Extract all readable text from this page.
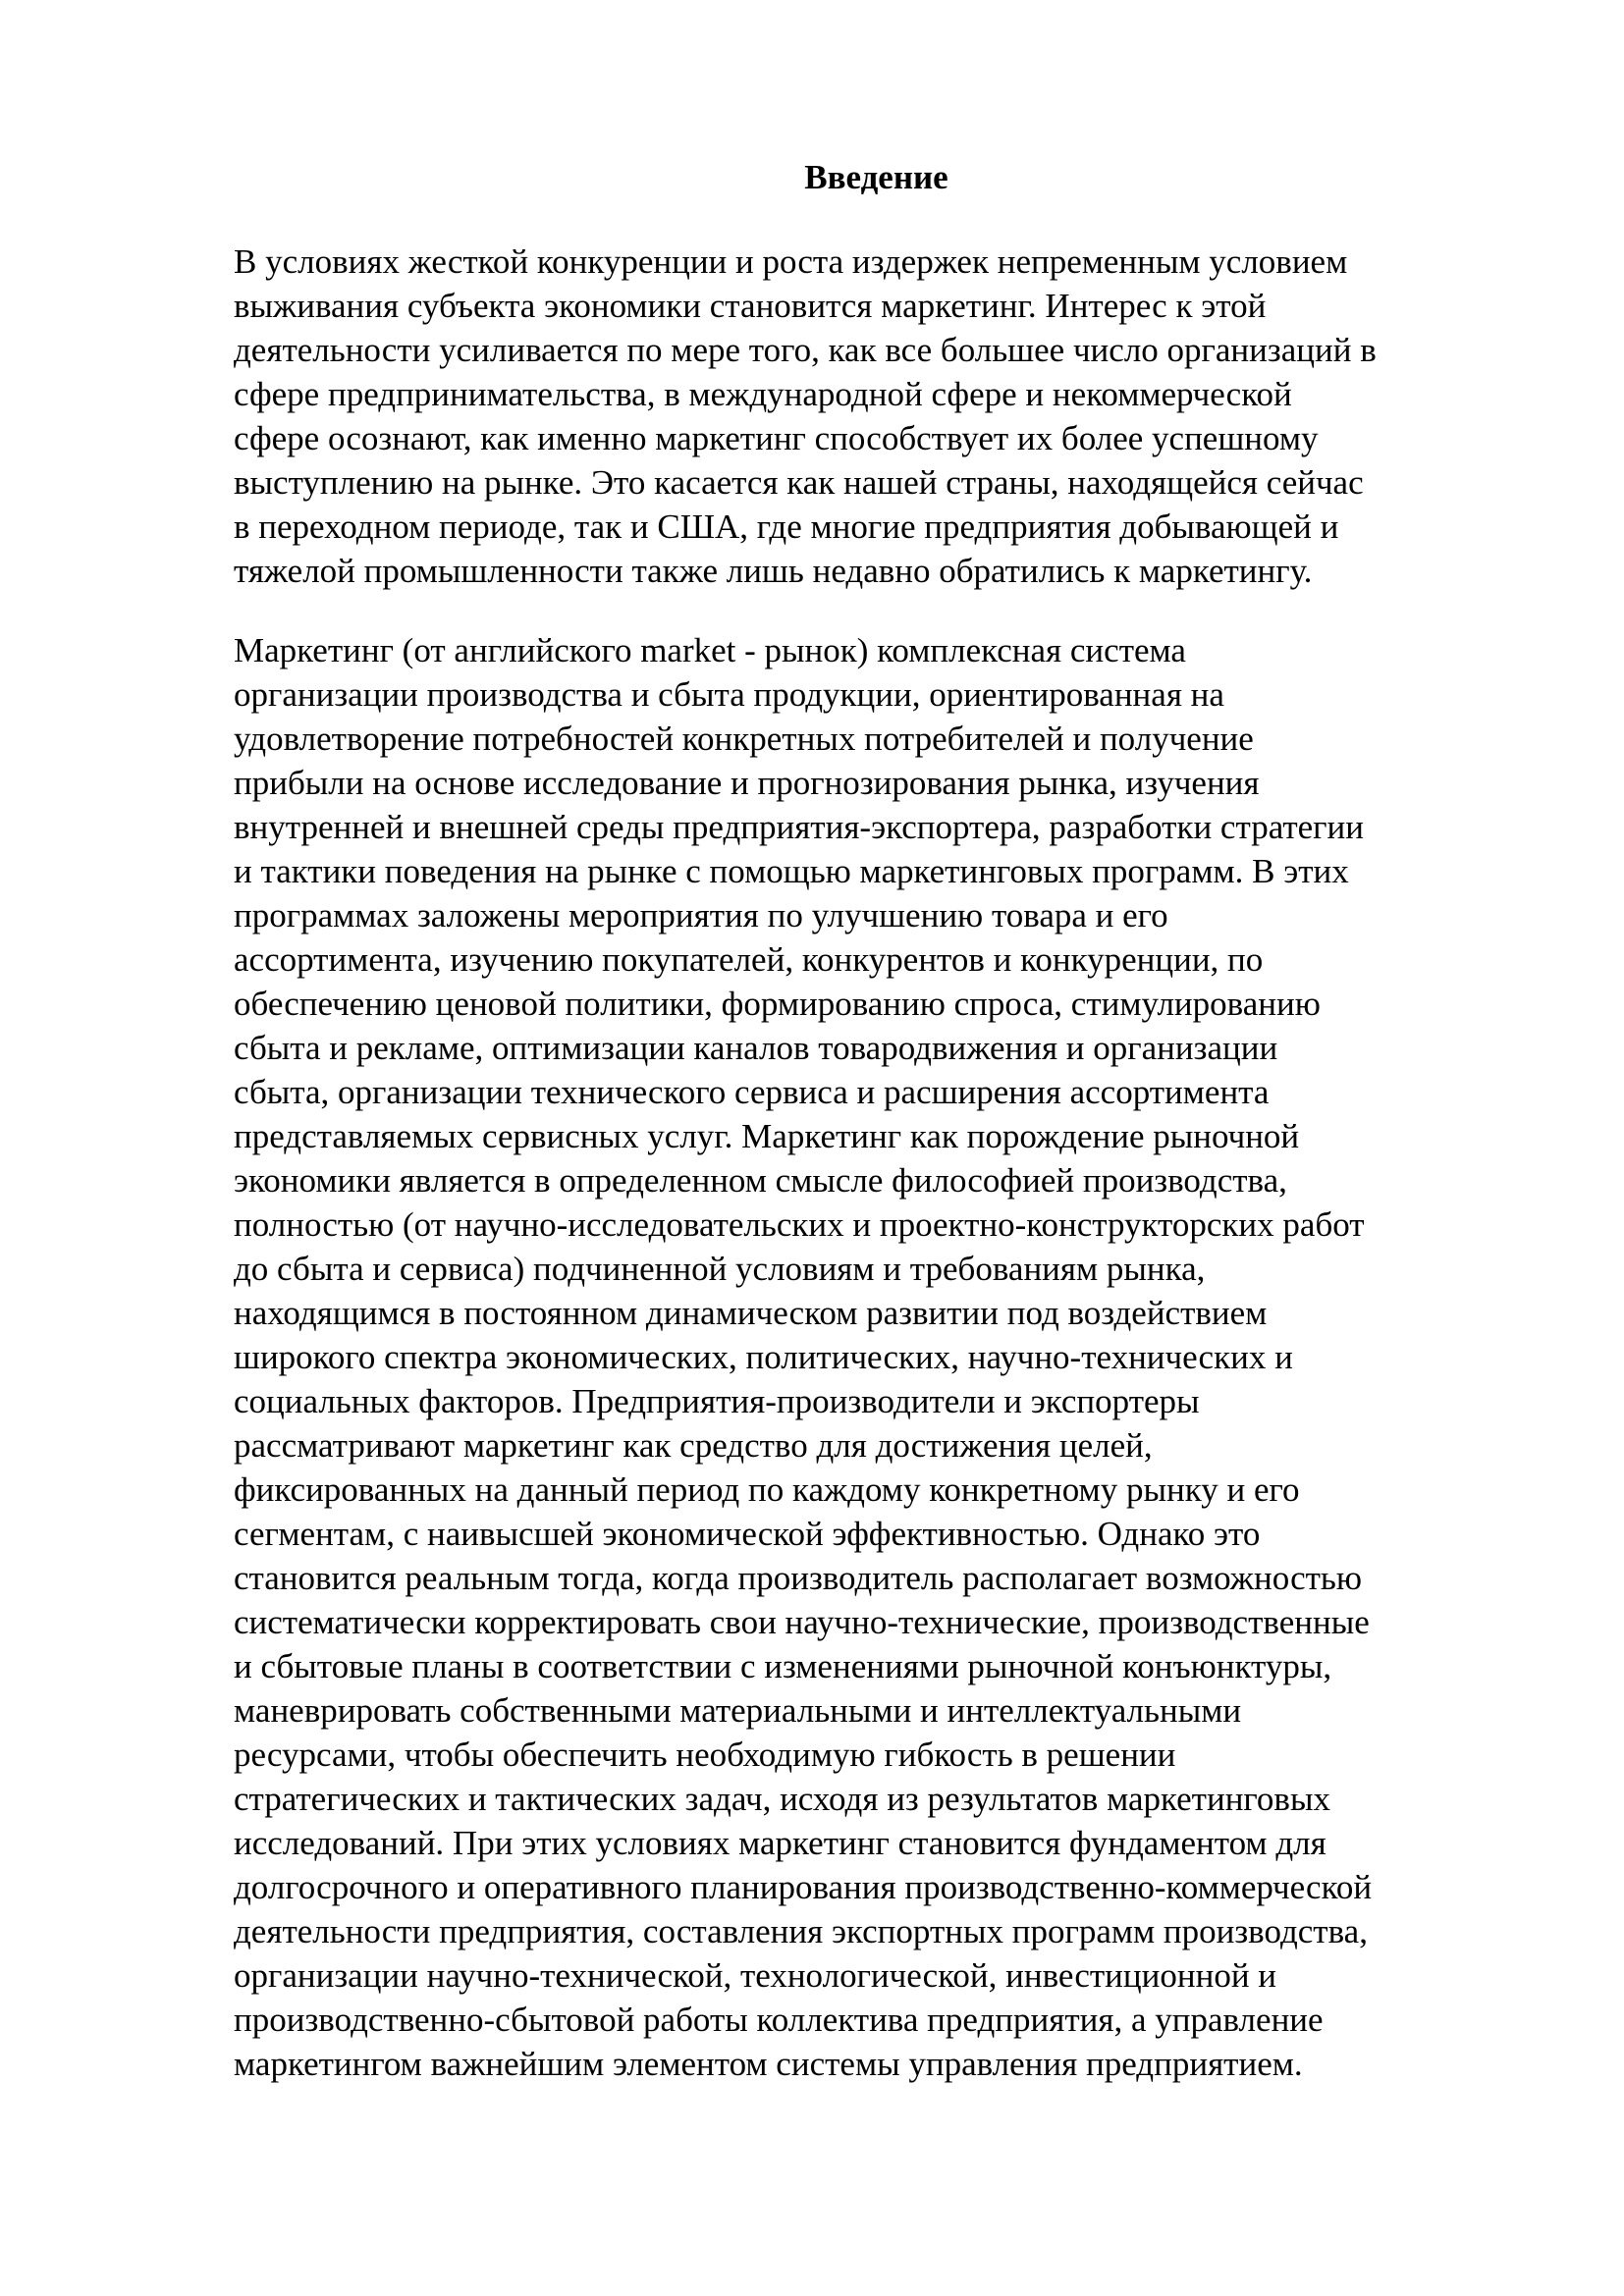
Введение

В условиях жесткой конкуренции и роста издержек непременным условием
выживания субъекта экономики становится маркетинг. Интерес к этой
деятельности усиливается по мере того, как все большее число организаций в
сфере предпринимательства, в международной сфере и некоммерческой
сфере осознают, как именно маркетинг способствует их более успешному
выступлению на рынке. Это касается как нашей страны, находящейся сейчас
в переходном периоде, так и США, где многие предприятия добывающей и
тяжелой промышленности также лишь недавно обратились к маркетингу.

Маркетинг (от английского market - рынок) комплексная система
организации производства и сбыта продукции, ориентированная на
удовлетворение потребностей конкретных потребителей и получение
прибыли на основе исследование и прогнозирования рынка, изучения
внутренней и внешней среды предприятия-экспортера, разработки стратегии
и тактики поведения на рынке с помощью маркетинговых программ. В этих
программах заложены мероприятия по улучшению товара и его
ассортимента, изучению покупателей, конкурентов и конкуренции, по
обеспечению ценовой политики, формированию спроса, стимулированию
сбыта и рекламе, оптимизации каналов товародвижения и организации
сбыта, организации технического сервиса и расширения ассортимента
представляемых сервисных услуг. Маркетинг как порождение рыночной
экономики является в определенном смысле философией производства,
полностью (от научно-исследовательских и проектно-конструкторских работ
до сбыта и сервиса) подчиненной условиям и требованиям рынка,
находящимся в постоянном динамическом развитии под воздействием
широкого спектра экономических, политических, научно-технических и
социальных факторов. Предприятия-производители и экспортеры
рассматривают маркетинг как средство для достижения целей,
фиксированных на данный период по каждому конкретному рынку и его
сегментам, с наивысшей экономической эффективностью. Однако это
становится реальным тогда, когда производитель располагает возможностью
систематически корректировать свои научно-технические, производственные
и сбытовые планы в соответствии с изменениями рыночной конъюнктуры,
маневрировать собственными материальными и интеллектуальными
ресурсами, чтобы обеспечить необходимую гибкость в решении
стратегических и тактических задач, исходя из результатов маркетинговых
исследований. При этих условиях маркетинг становится фундаментом для
долгосрочного и оперативного планирования производственно-коммерческой
деятельности предприятия, составления экспортных программ производства,
организации научно-технической, технологической, инвестиционной и
производственно-сбытовой работы коллектива предприятия, а управление
маркетингом важнейшим элементом системы управления предприятием.
